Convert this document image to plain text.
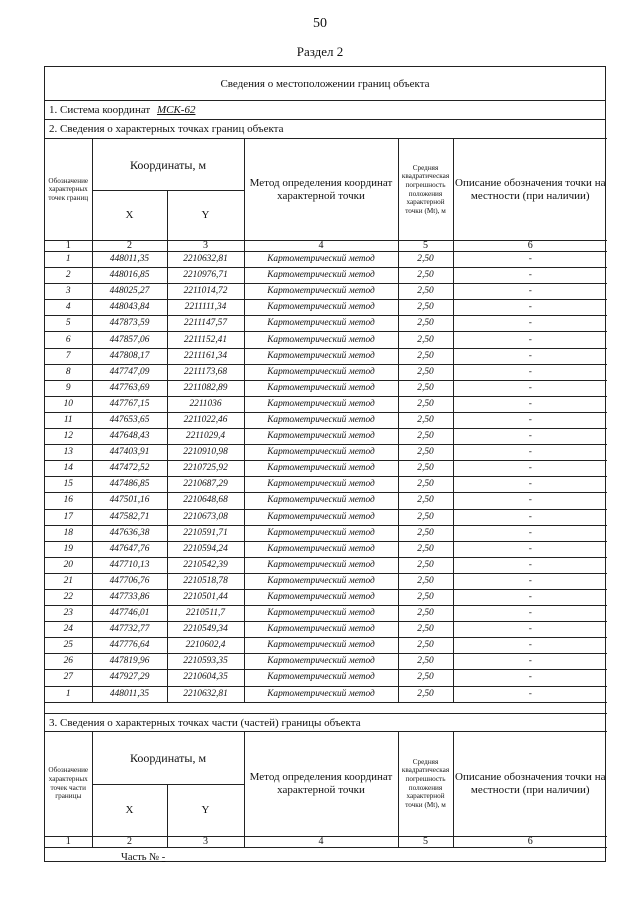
50
Раздел 2
Сведения о местоположении границ объекта
1. Система координат МСК-62
2. Сведения о характерных точках границ объекта
Обозначение характерных точек границ	Координаты, м		Метод определения координат характерной точки	Средняя квадратическая погрешность положения характерной точки (Mt), м	Описание обозначения точки на местности (при наличии)
	X	Y			
1	2	3	4	5	6
1	448011,35	2210632,81	Картометрический метод	2,50	-
2	448016,85	2210976,71	Картометрический метод	2,50	-
3	448025,27	2211014,72	Картометрический метод	2,50	-
4	448043,84	2211111,34	Картометрический метод	2,50	-
5	447873,59	2211147,57	Картометрический метод	2,50	-
6	447857,06	2211152,41	Картометрический метод	2,50	-
7	447808,17	2211161,34	Картометрический метод	2,50	-
8	447747,09	2211173,68	Картометрический метод	2,50	-
9	447763,69	2211082,89	Картометрический метод	2,50	-
10	447767,15	2211036	Картометрический метод	2,50	-
11	447653,65	2211022,46	Картометрический метод	2,50	-
12	447648,43	2211029,4	Картометрический метод	2,50	-
13	447403,91	2210910,98	Картометрический метод	2,50	-
14	447472,52	2210725,92	Картометрический метод	2,50	-
15	447486,85	2210687,29	Картометрический метод	2,50	-
16	447501,16	2210648,68	Картометрический метод	2,50	-
17	447582,71	2210673,08	Картометрический метод	2,50	-
18	447636,38	2210591,71	Картометрический метод	2,50	-
19	447647,76	2210594,24	Картометрический метод	2,50	-
20	447710,13	2210542,39	Картометрический метод	2,50	-
21	447706,76	2210518,78	Картометрический метод	2,50	-
22	447733,86	2210501,44	Картометрический метод	2,50	-
23	447746,01	2210511,7	Картометрический метод	2,50	-
24	447732,77	2210549,34	Картометрический метод	2,50	-
25	447776,64	2210602,4	Картометрический метод	2,50	-
26	447819,96	2210593,35	Картометрический метод	2,50	-
27	447927,29	2210604,35	Картометрический метод	2,50	-
1	448011,35	2210632,81	Картометрический метод	2,50	-

3. Сведения о характерных точках части (частей) границы объекта
Обозначение характерных точек части границы	Координаты, м		Метод определения координат характерной точки	Средняя квадратическая погрешность положения характерной точки (Mt), м	Описание обозначения точки на местности (при наличии)
	X	Y			
1	2	3	4	5	6
Часть № -
